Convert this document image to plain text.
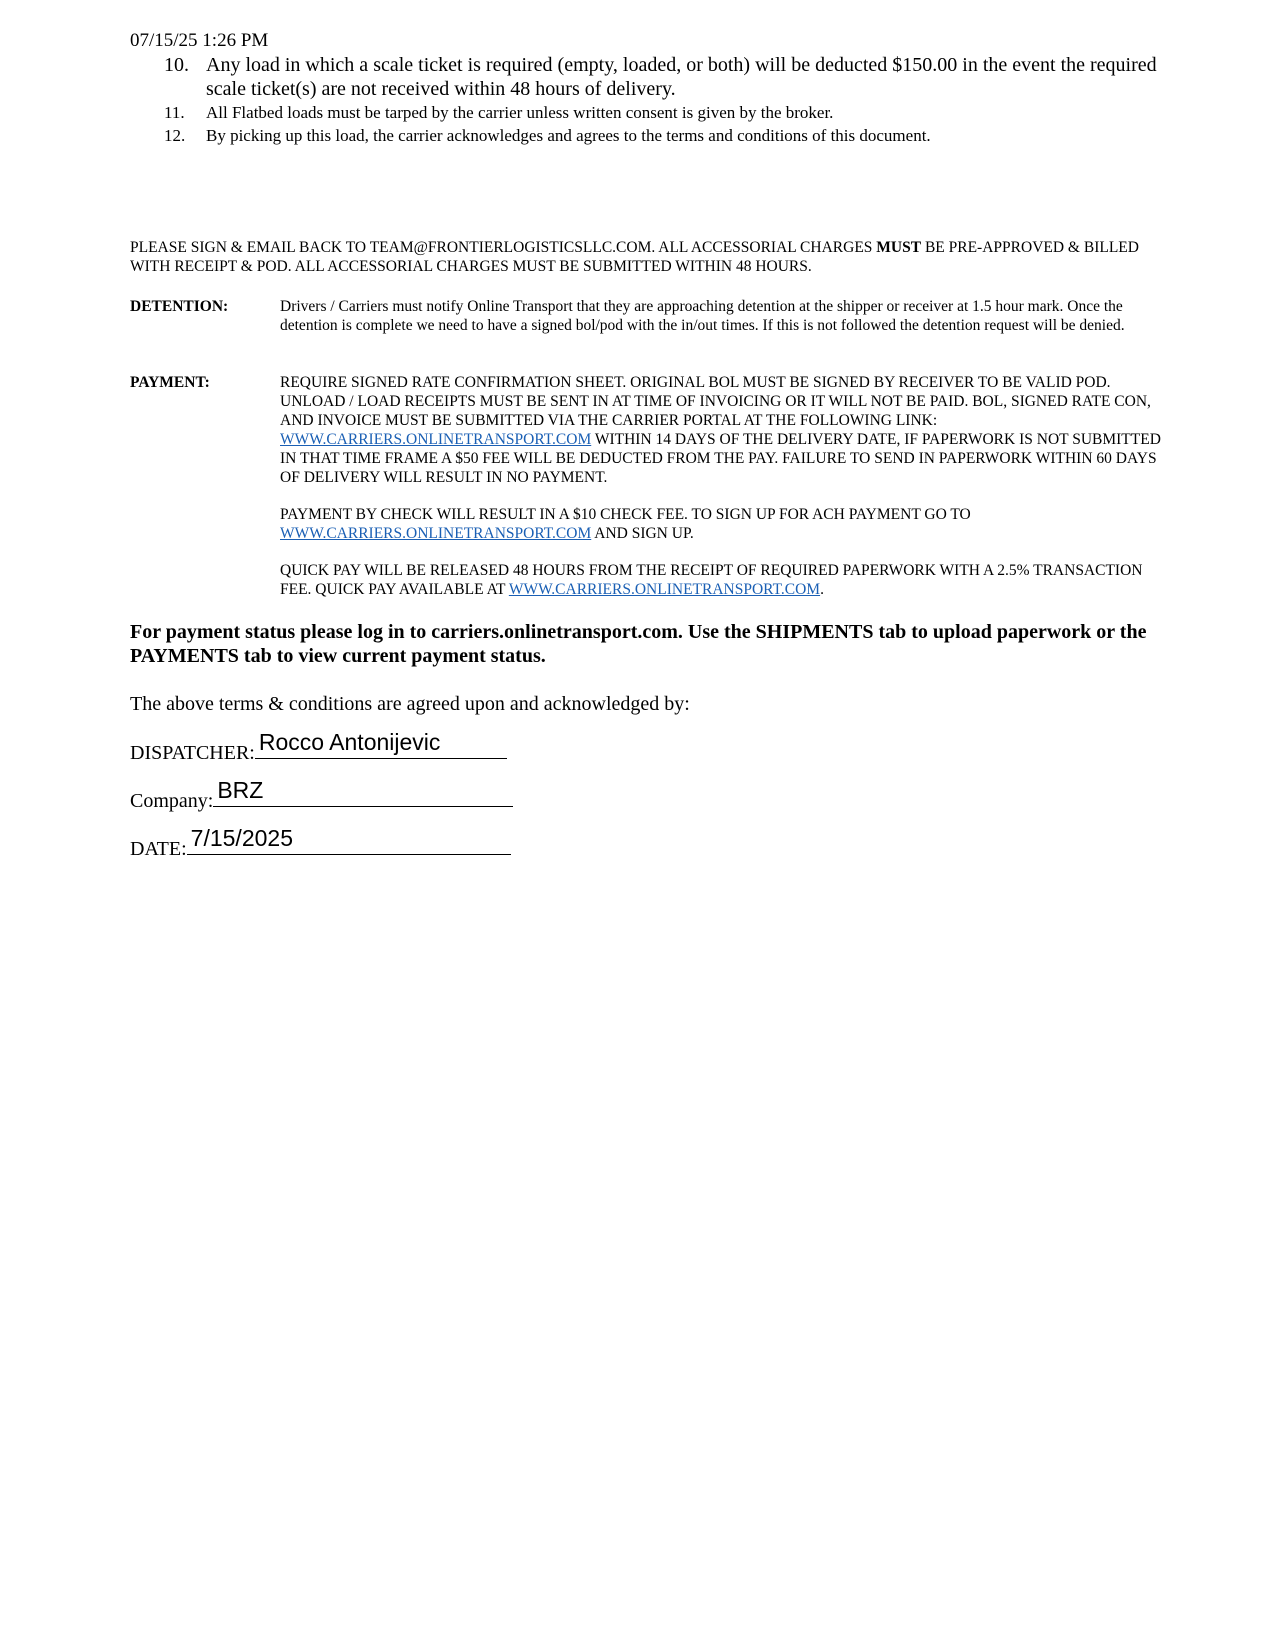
07/15/25 1:26 PM
10. Any load in which a scale ticket is required (empty, loaded, or both) will be deducted $150.00 in the event the required scale ticket(s) are not received within 48 hours of delivery.
11. All Flatbed loads must be tarped by the carrier unless written consent is given by the broker.
12. By picking up this load, the carrier acknowledges and agrees to the terms and conditions of this document.
PLEASE SIGN & EMAIL BACK TO TEAM@FRONTIERLOGISTICSLLC.COM. ALL ACCESSORIAL CHARGES MUST BE PRE-APPROVED & BILLED WITH RECEIPT & POD. ALL ACCESSORIAL CHARGES MUST BE SUBMITTED WITHIN 48 HOURS.
DETENTION:	Drivers / Carriers must notify Online Transport that they are approaching detention at the shipper or receiver at 1.5 hour mark. Once the detention is complete we need to have a signed bol/pod with the in/out times. If this is not followed the detention request will be denied.
PAYMENT:	REQUIRE SIGNED RATE CONFIRMATION SHEET. ORIGINAL BOL MUST BE SIGNED BY RECEIVER TO BE VALID POD. UNLOAD / LOAD RECEIPTS MUST BE SENT IN AT TIME OF INVOICING OR IT WILL NOT BE PAID. BOL, SIGNED RATE CON, AND INVOICE MUST BE SUBMITTED VIA THE CARRIER PORTAL AT THE FOLLOWING LINK: WWW.CARRIERS.ONLINETRANSPORT.COM WITHIN 14 DAYS OF THE DELIVERY DATE, IF PAPERWORK IS NOT SUBMITTED IN THAT TIME FRAME A $50 FEE WILL BE DEDUCTED FROM THE PAY. FAILURE TO SEND IN PAPERWORK WITHIN 60 DAYS OF DELIVERY WILL RESULT IN NO PAYMENT.

PAYMENT BY CHECK WILL RESULT IN A $10 CHECK FEE. TO SIGN UP FOR ACH PAYMENT GO TO WWW.CARRIERS.ONLINETRANSPORT.COM AND SIGN UP.

QUICK PAY WILL BE RELEASED 48 HOURS FROM THE RECEIPT OF REQUIRED PAPERWORK WITH A 2.5% TRANSACTION FEE. QUICK PAY AVAILABLE AT WWW.CARRIERS.ONLINETRANSPORT.COM.

For payment status please log in to carriers.onlinetransport.com. Use the SHIPMENTS tab to upload paperwork or the PAYMENTS tab to view current payment status.
The above terms & conditions are agreed upon and acknowledged by:
DISPATCHER: Rocco Antonijevic
Company: BRZ
DATE: 7/15/2025
